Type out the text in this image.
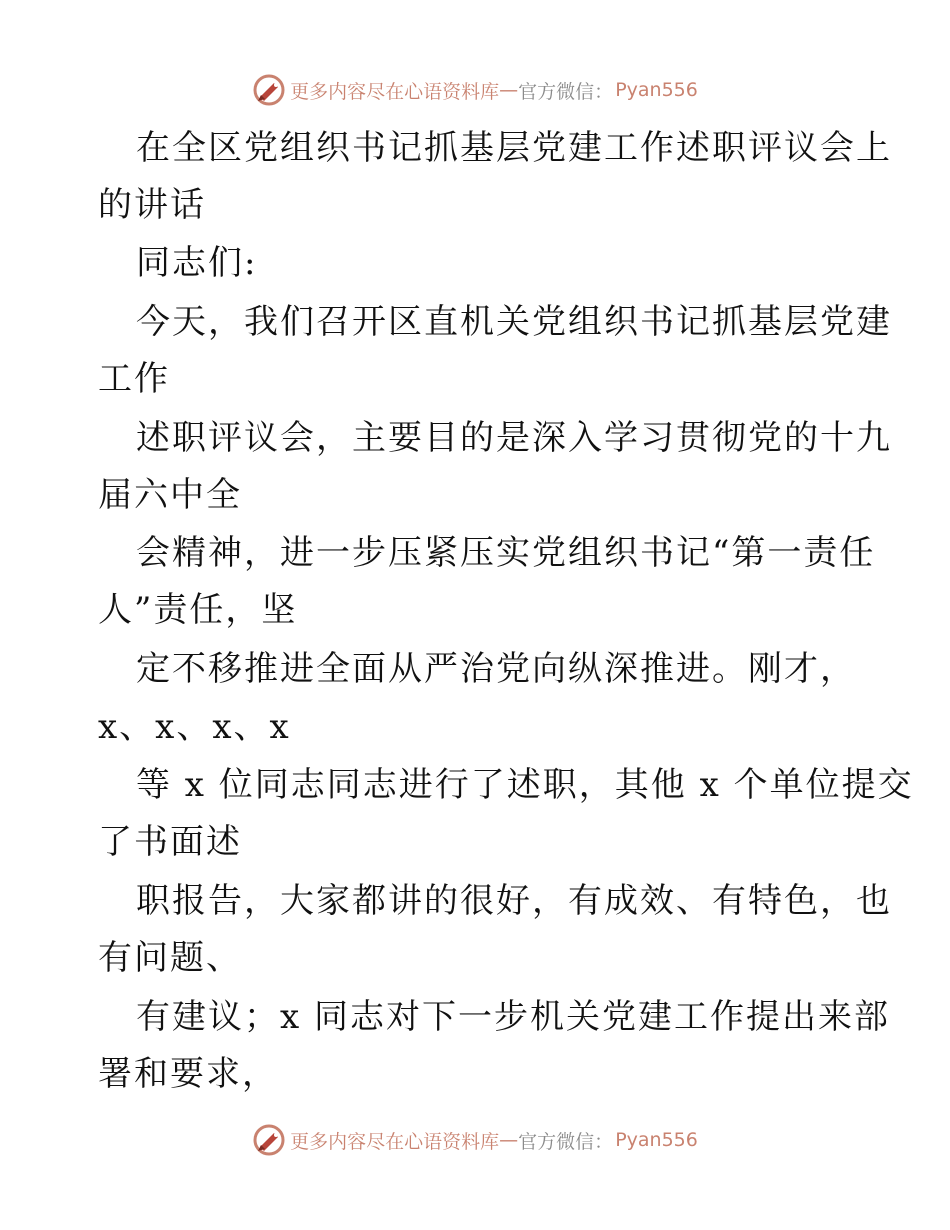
更多内容尽在心语资料库 — 官方微信： Pyan556
在全区党组织书记抓基层党建工作述职评议会上
的讲话
同志们:
今天，我们召开区直机关党组织书记抓基层党建
工作
述职评议会，主要目的是深入学习贯彻党的十九
届六中全
会精神，进一步压紧压实党组织书记“第一责任
人”责任，坚
定不移推进全面从严治党向纵深推进。刚才，
x、x、x、x
等 x 位同志同志进行了述职，其他 x 个单位提交
了书面述
职报告，大家都讲的很好，有成效、有特色，也
有问题、
有建议；x 同志对下一步机关党建工作提出来部
署和要求，
更多内容尽在心语资料库 — 官方微信： Pyan556
